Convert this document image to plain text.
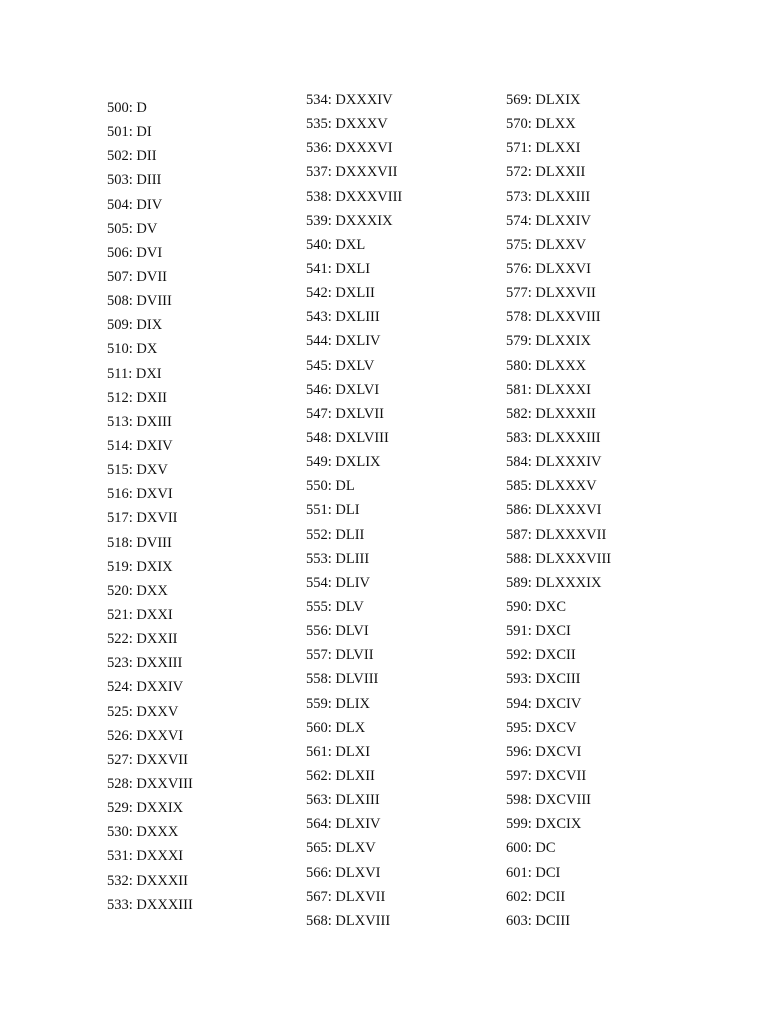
500: D
501: DI
502: DII
503: DIII
504: DIV
505: DV
506: DVI
507: DVII
508: DVIII
509: DIX
510: DX
511: DXI
512: DXII
513: DXIII
514: DXIV
515: DXV
516: DXVI
517: DXVII
518: DVIII
519: DXIX
520: DXX
521: DXXI
522: DXXII
523: DXXIII
524: DXXIV
525: DXXV
526: DXXVI
527: DXXVII
528: DXXVIII
529: DXXIX
530: DXXX
531: DXXXI
532: DXXXII
533: DXXXIII
534: DXXXIV
535: DXXXV
536: DXXXVI
537: DXXXVII
538: DXXXVIII
539: DXXXIX
540: DXL
541: DXLI
542: DXLII
543: DXLIII
544: DXLIV
545: DXLV
546: DXLVI
547: DXLVII
548: DXLVIII
549: DXLIX
550: DL
551: DLI
552: DLII
553: DLIII
554: DLIV
555: DLV
556: DLVI
557: DLVII
558: DLVIII
559: DLIX
560: DLX
561: DLXI
562: DLXII
563: DLXIII
564: DLXIV
565: DLXV
566: DLXVI
567: DLXVII
568: DLXVIII
569: DLXIX
570: DLXX
571: DLXXI
572: DLXXII
573: DLXXIII
574: DLXXIV
575: DLXXV
576: DLXXVI
577: DLXXVII
578: DLXXVIII
579: DLXXIX
580: DLXXX
581: DLXXXI
582: DLXXXII
583: DLXXXIII
584: DLXXXIV
585: DLXXXV
586: DLXXXVI
587: DLXXXVII
588: DLXXXVIII
589: DLXXXIX
590: DXC
591: DXCI
592: DXCII
593: DXCIII
594: DXCIV
595: DXCV
596: DXCVI
597: DXCVII
598: DXCVIII
599: DXCIX
600: DC
601: DCI
602: DCII
603: DCIII
